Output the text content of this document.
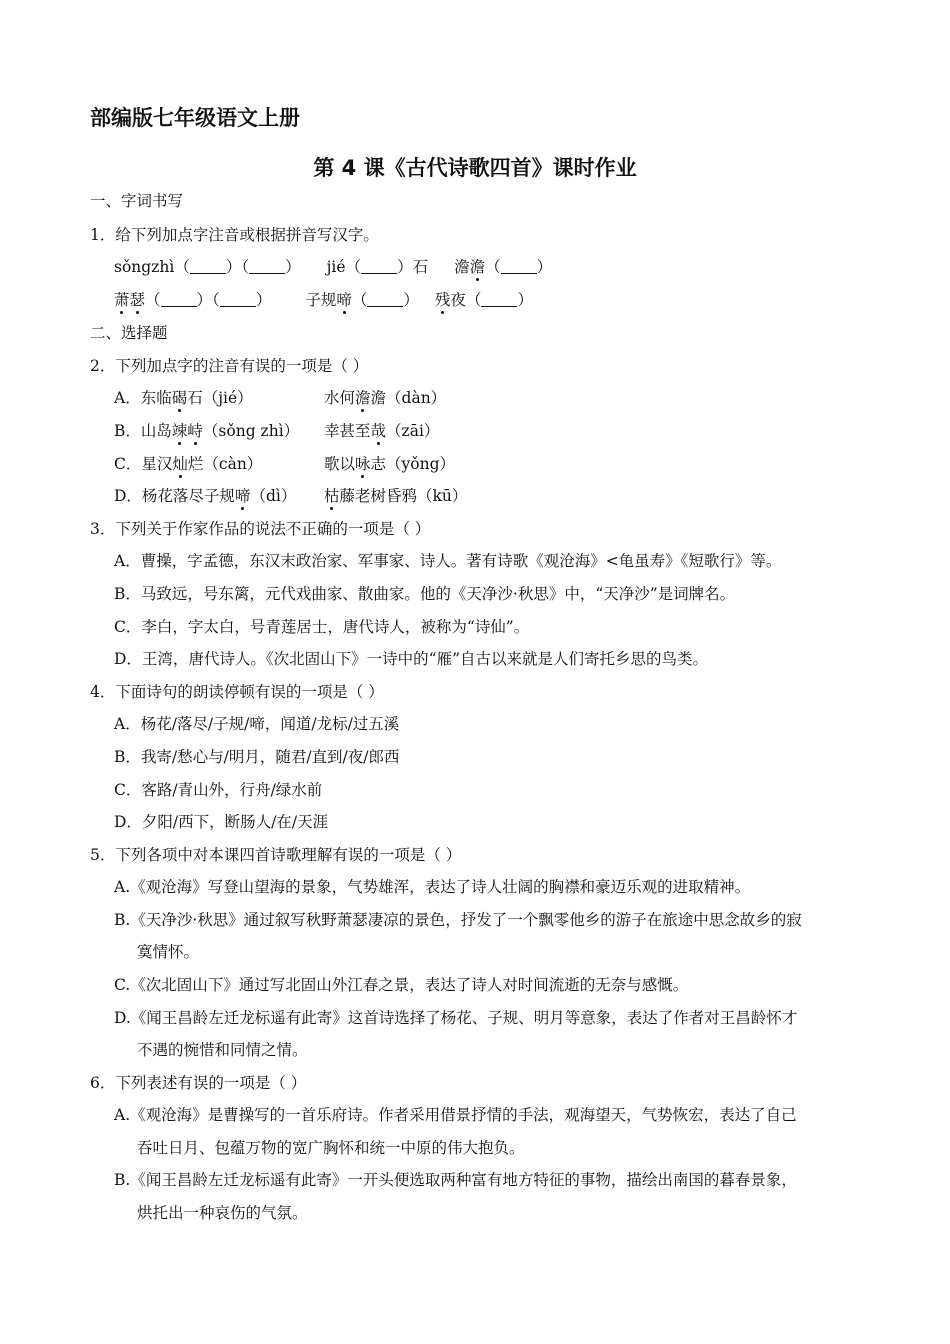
部编版七年级语文上册
第 4 课《古代诗歌四首》课时作业
一、字词书写
1．给下列加点字注音或根据拼音写汉字。
sǒngzhì（ ）（ ） jié（ ）石 澹澹（ ）
萧瑟（ ）（ ） 子规啼（ ） 残夜（ ）
二、选择题
2．下列加点字的注音有误的一项是（ ）
A．东临碣石（jié）	水何澹澹（dàn）
B．山岛竦峙（sǒng zhì） 幸甚至哉（zāi）
C．星汉灿烂（càn）	歌以咏志（yǒng）
D．杨花落尽子规啼（dì） 枯藤老树昏鸦（kū）
3．下列关于作家作品的说法不正确的一项是（ ）
A．曹操，字孟德，东汉末政治家、军事家、诗人。著有诗歌《观沧海》<龟虽寿》《短歌行》等。
B．马致远，号东篱，元代戏曲家、散曲家。他的《天净沙·秋思》中，“天净沙”是词牌名。
C．李白，字太白，号青莲居士，唐代诗人，被称为“诗仙”。
D．王湾，唐代诗人。《次北固山下》一诗中的“雁”自古以来就是人们寄托乡思的鸟类。
4．下面诗句的朗读停顿有误的一项是（ ）
A．杨花/落尽/子规/啼，闻道/龙标/过五溪
B．我寄/愁心与/明月，随君/直到/夜/郎西
C．客路/青山外，行舟/绿水前
D．夕阳/西下，断肠人/在/天涯
5．下列各项中对本课四首诗歌理解有误的一项是（ ）
A.《观沧海》写登山望海的景象，气势雄浑，表达了诗人壮阔的胸襟和豪迈乐观的进取精神。
B.《天净沙·秋思》通过叙写秋野萧瑟凄凉的景色，抒发了一个飘零他乡的游子在旅途中思念故乡的寂
寞情怀。
C.《次北固山下》通过写北固山外江春之景，表达了诗人对时间流逝的无奈与感慨。
D.《闻王昌龄左迁龙标遥有此寄》这首诗选择了杨花、子规、明月等意象，表达了作者对王昌龄怀才
不遇的惋惜和同情之情。
6．下列表述有误的一项是（ ）
A.《观沧海》是曹操写的一首乐府诗。作者采用借景抒情的手法，观海望天，气势恢宏，表达了自己
吞吐日月、包蕴万物的宽广胸怀和统一中原的伟大抱负。
B.《闻王昌龄左迁龙标遥有此寄》一开头便选取两种富有地方特征的事物，描绘出南国的暮春景象，
烘托出一种哀伤的气氛。
